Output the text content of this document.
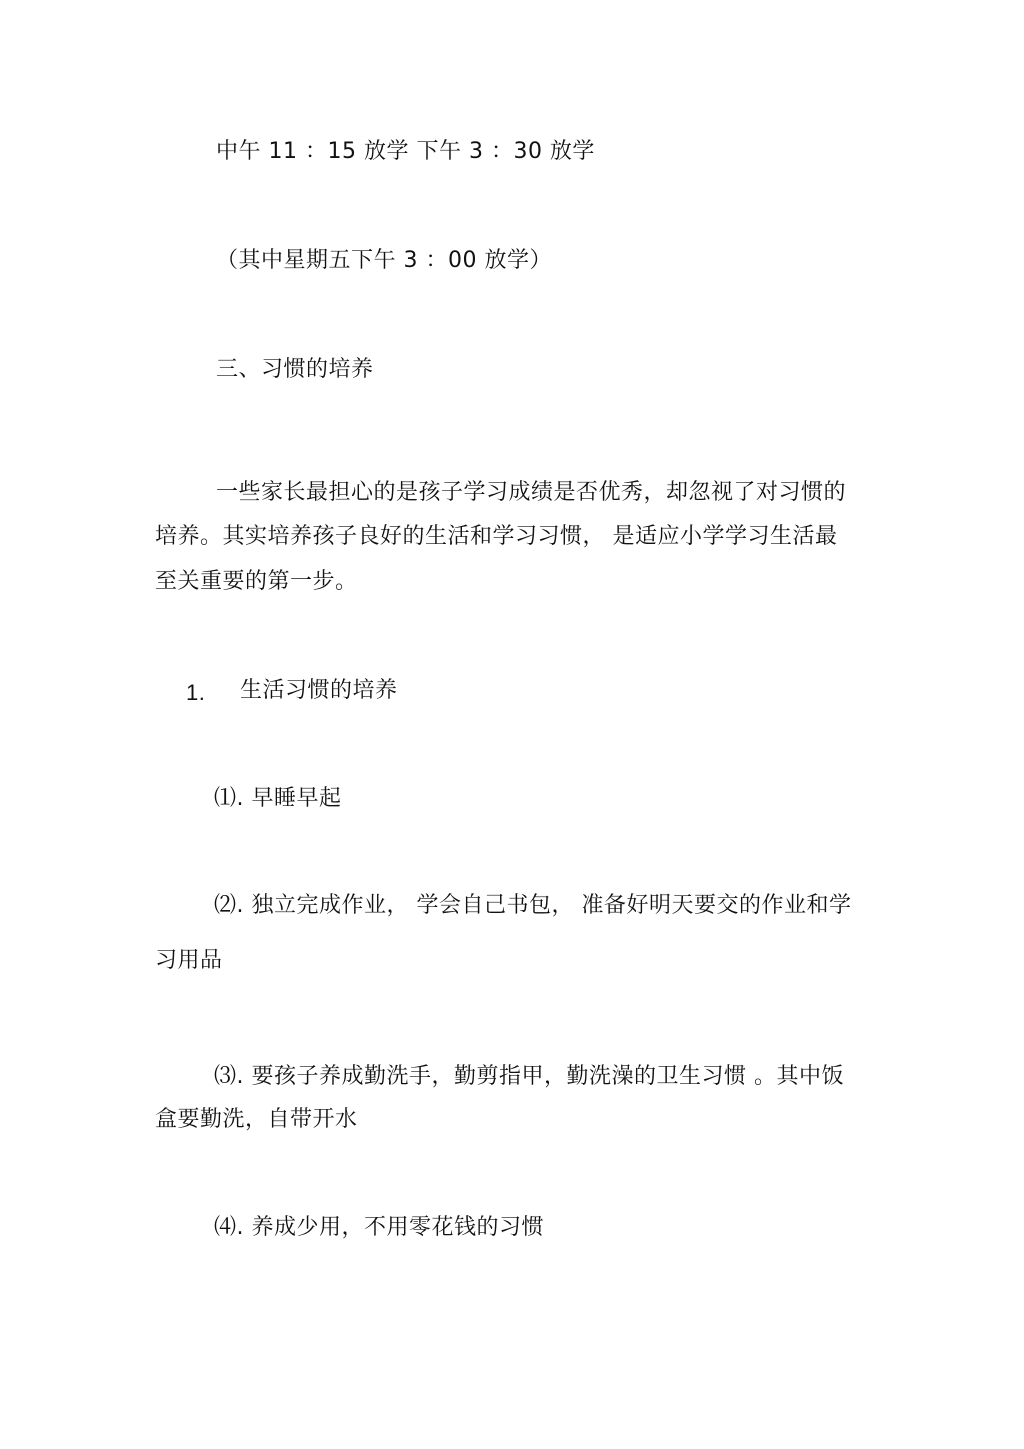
中午 11 ：15 放学 下午 3 ：30 放学
（其中星期五下午 3 ：00 放学）
三、习惯的培养
一些家长最担心的是孩子学习成绩是否优秀，却忽视了对习惯的
培养。其实培养孩子良好的生活和学习习惯， 是适应小学学习生活最
至关重要的第一步。
1. 生活习惯的培养
⑴. 早睡早起
⑵. 独立完成作业， 学会自己书包， 准备好明天要交的作业和学
习用品
⑶. 要孩子养成勤洗手，勤剪指甲，勤洗澡的卫生习惯 。其中饭
盒要勤洗，自带开水
⑷. 养成少用，不用零花钱的习惯
